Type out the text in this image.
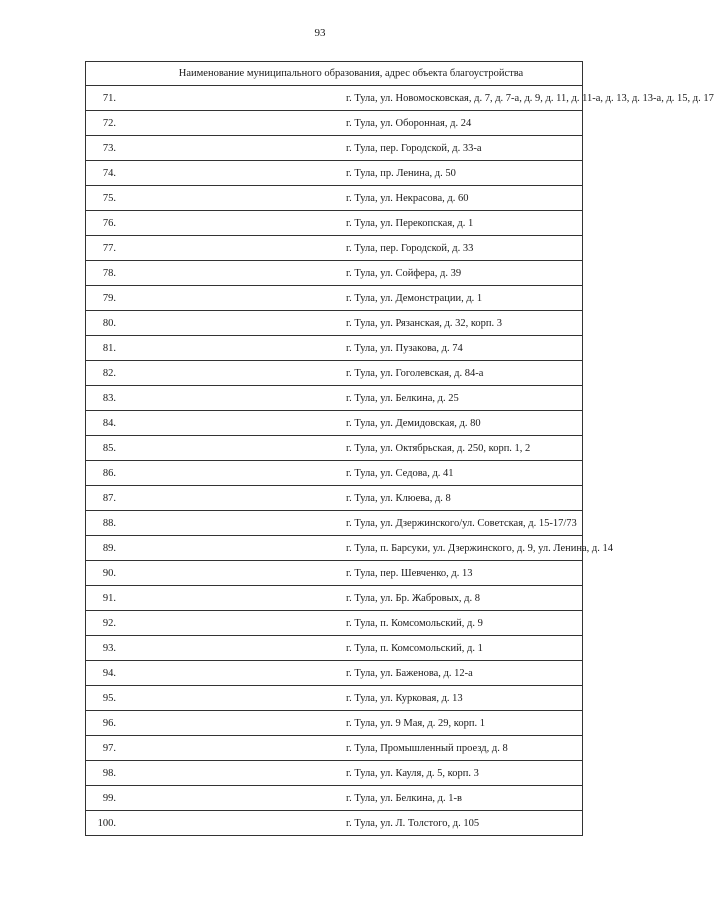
93
Наименование муниципального образования, адрес объекта благоустройства	
71.	г. Тула, ул. Новомосковская, д. 7, д. 7-а, д. 9, д. 11, д. 11-а, д. 13, д. 13-а, д. 15, д. 17
72.	г. Тула, ул. Оборонная, д. 24
73.	г. Тула, пер. Городской, д. 33-а
74.	г. Тула, пр. Ленина, д. 50
75.	г. Тула, ул. Некрасова, д. 60
76.	г. Тула, ул. Перекопская, д. 1
77.	г. Тула, пер. Городской, д. 33
78.	г. Тула, ул. Сойфера, д. 39
79.	г. Тула, ул. Демонстрации, д. 1
80.	г. Тула, ул. Рязанская, д. 32, корп. 3
81.	г. Тула, ул. Пузакова, д. 74
82.	г. Тула, ул. Гоголевская, д. 84-а
83.	г. Тула, ул. Белкина, д. 25
84.	г. Тула, ул. Демидовская, д. 80
85.	г. Тула, ул. Октябрьская, д. 250, корп. 1, 2
86.	г. Тула, ул. Седова, д. 41
87.	г. Тула, ул. Клюева, д. 8
88.	г. Тула, ул. Дзержинского/ул. Советская, д. 15-17/73
89.	г. Тула, п. Барсуки, ул. Дзержинского, д. 9, ул. Ленина, д. 14
90.	г. Тула, пер. Шевченко, д. 13
91.	г. Тула, ул. Бр. Жабровых, д. 8
92.	г. Тула, п. Комсомольский, д. 9
93.	г. Тула, п. Комсомольский, д. 1
94.	г. Тула, ул. Баженова, д. 12-а
95.	г. Тула, ул. Курковая, д. 13
96.	г. Тула, ул. 9 Мая, д. 29, корп. 1
97.	г. Тула, Промышленный проезд, д. 8
98.	г. Тула, ул. Кауля, д. 5, корп. 3
99.	г. Тула, ул. Белкина, д. 1-в
100.	г. Тула, ул. Л. Толстого, д. 105
